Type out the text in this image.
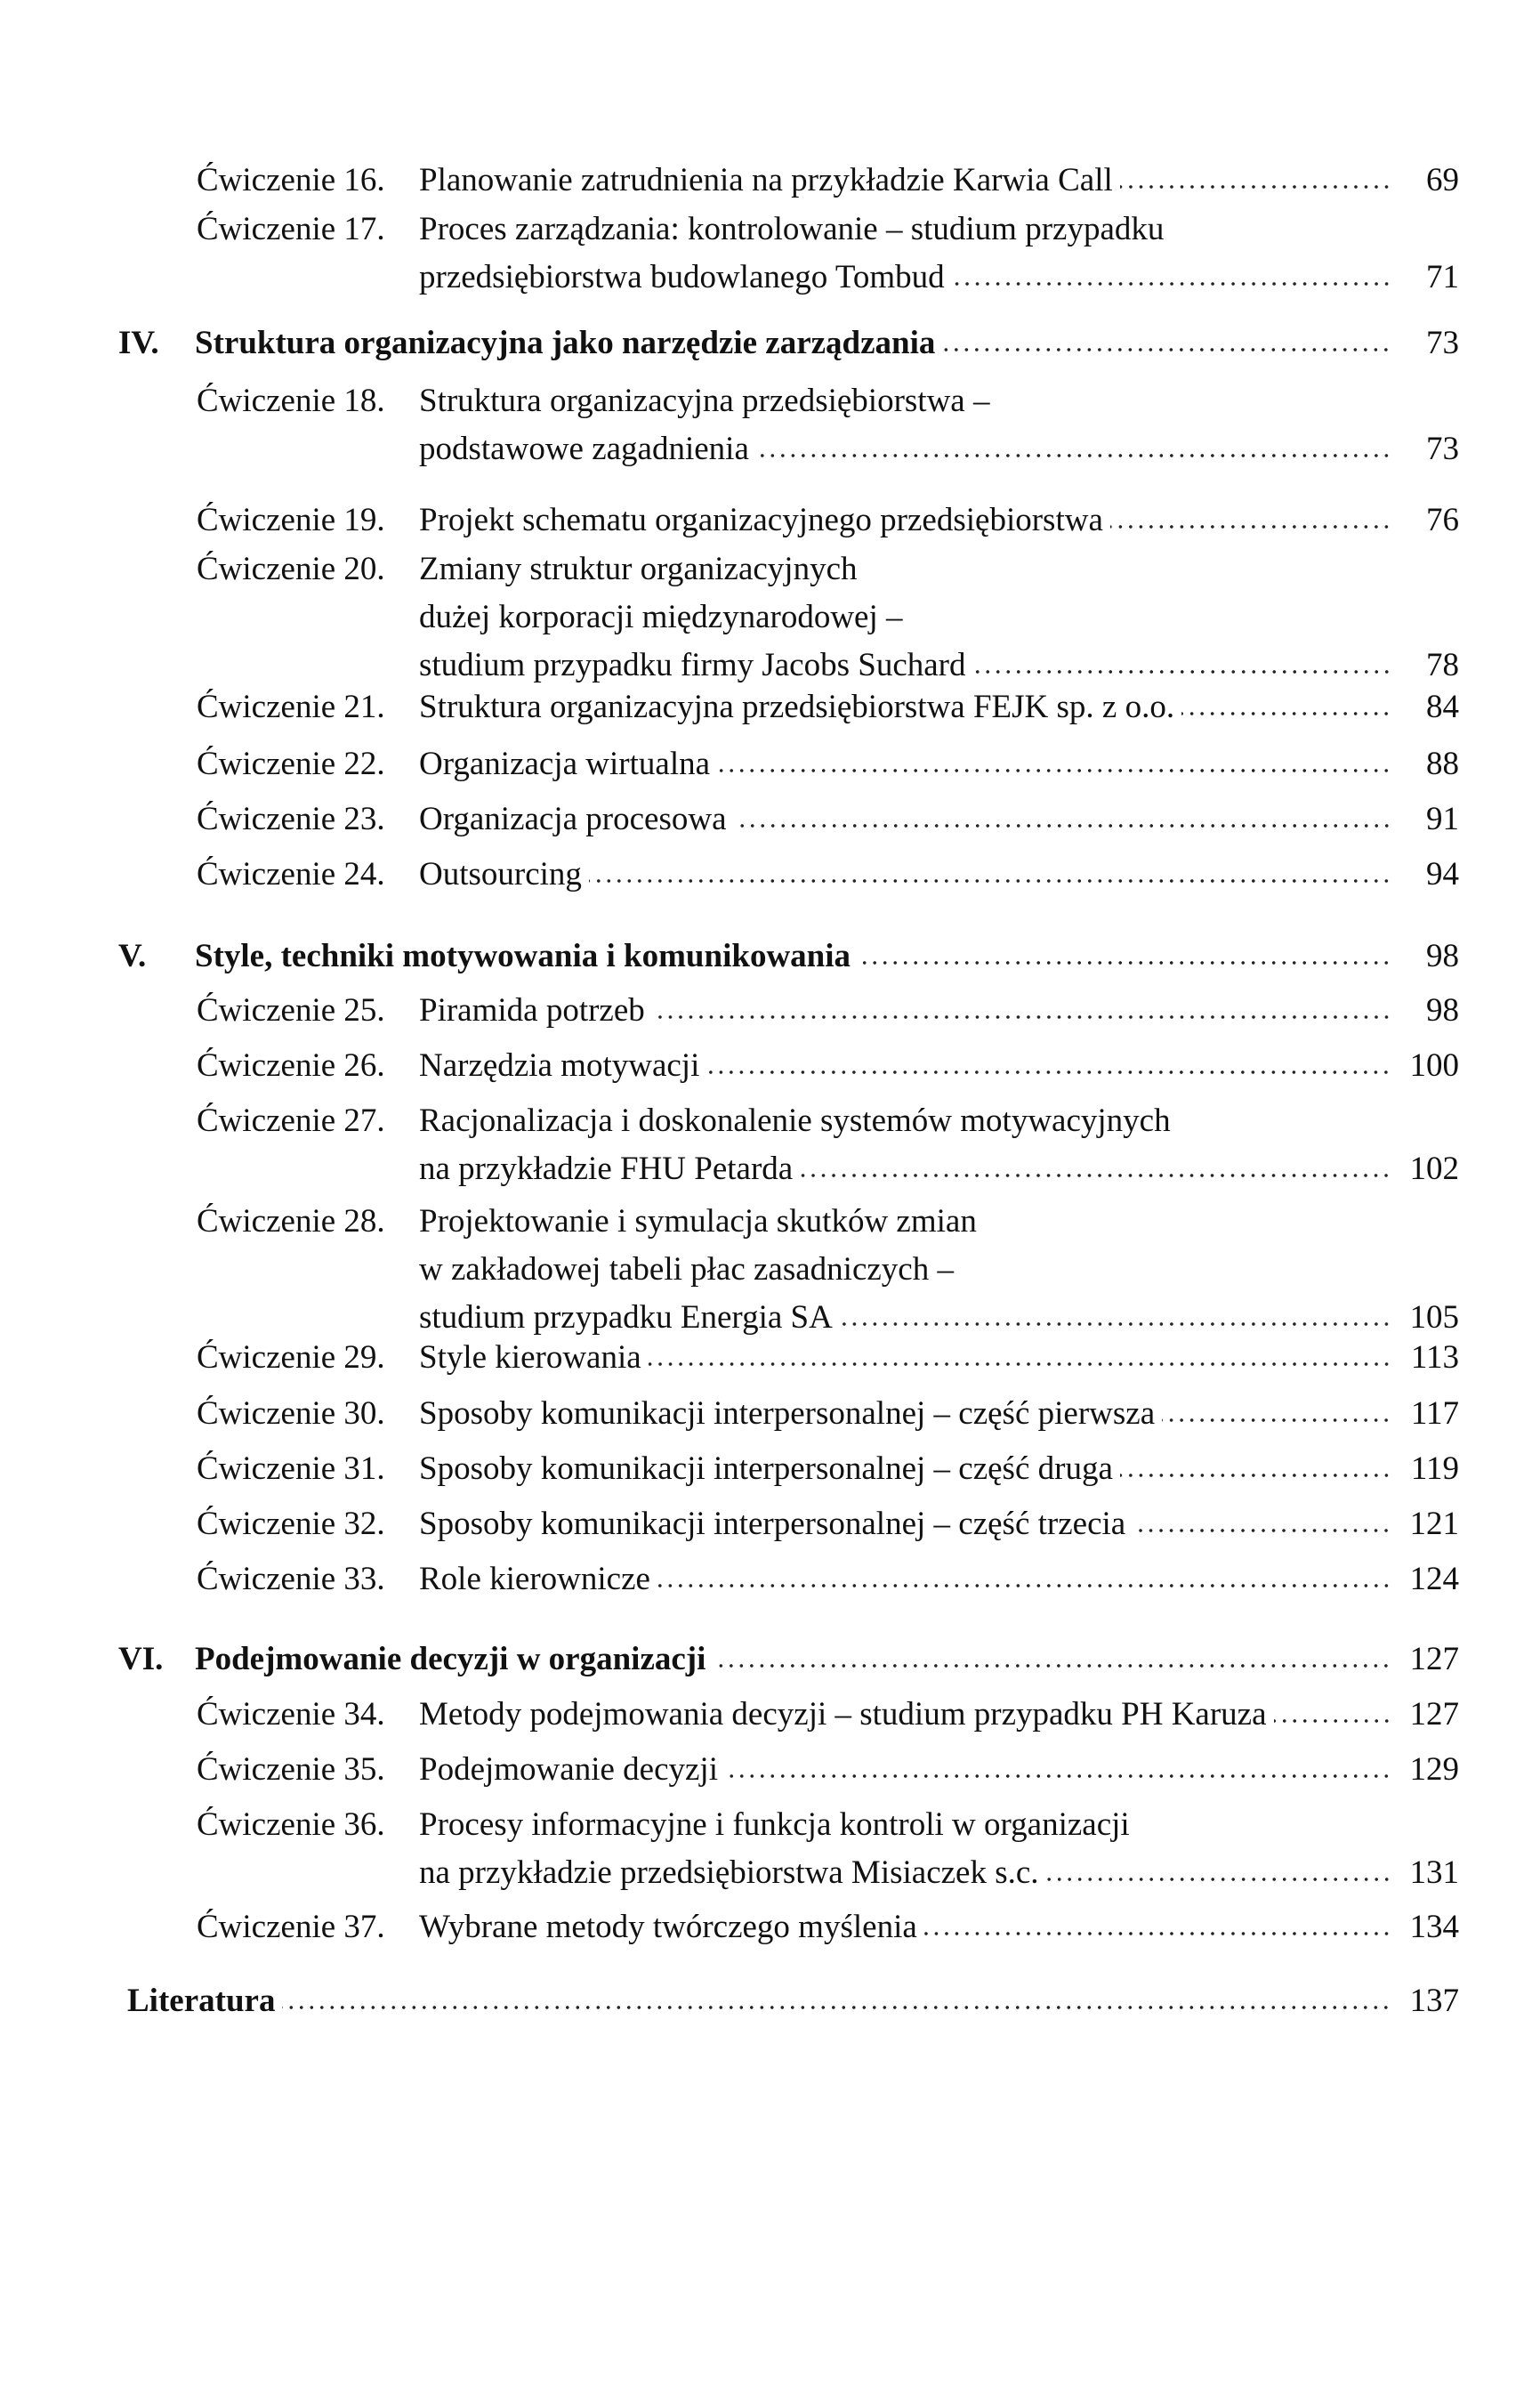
Ćwiczenie 16.	Planowanie zatrudnienia na przykładzie Karwia Call	69
Ćwiczenie 17.	Proces zarządzania: kontrolowanie – studium przypadku
przedsiębiorstwa budowlanego Tombud	71
IV.	Struktura organizacyjna jako narzędzie zarządzania	73
Ćwiczenie 18.	Struktura organizacyjna przedsiębiorstwa –
podstawowe zagadnienia	73
Ćwiczenie 19.	Projekt schematu organizacyjnego przedsiębiorstwa	76
Ćwiczenie 20.	Zmiany struktur organizacyjnych
dużej korporacji międzynarodowej –
studium przypadku firmy Jacobs Suchard	78
Ćwiczenie 21.	Struktura organizacyjna przedsiębiorstwa FEJK sp. z o.o.	84
Ćwiczenie 22.	Organizacja wirtualna	88
Ćwiczenie 23.	Organizacja procesowa	91
Ćwiczenie 24.	Outsourcing	94
V.	Style, techniki motywowania i komunikowania	98
Ćwiczenie 25.	Piramida potrzeb	98
Ćwiczenie 26.	Narzędzia motywacji	100
Ćwiczenie 27.	Racjonalizacja i doskonalenie systemów motywacyjnych
na przykładzie FHU Petarda	102
Ćwiczenie 28.	Projektowanie i symulacja skutków zmian
w zakładowej tabeli płac zasadniczych –
studium przypadku Energia SA	105
Ćwiczenie 29.	Style kierowania	113
Ćwiczenie 30.	Sposoby komunikacji interpersonalnej – część pierwsza	117
Ćwiczenie 31.	Sposoby komunikacji interpersonalnej – część druga	119
Ćwiczenie 32.	Sposoby komunikacji interpersonalnej – część trzecia	121
Ćwiczenie 33.	Role kierownicze	124
VI. Podejmowanie decyzji w organizacji	127
Ćwiczenie 34.	Metody podejmowania decyzji – studium przypadku PH Karuza	127
Ćwiczenie 35.	Podejmowanie decyzji	129
Ćwiczenie 36.	Procesy informacyjne i funkcja kontroli w organizacji
na przykładzie przedsiębiorstwa Misiaczek s.c.	131
Ćwiczenie 37.	Wybrane metody twórczego myślenia	134
Literatura	137
